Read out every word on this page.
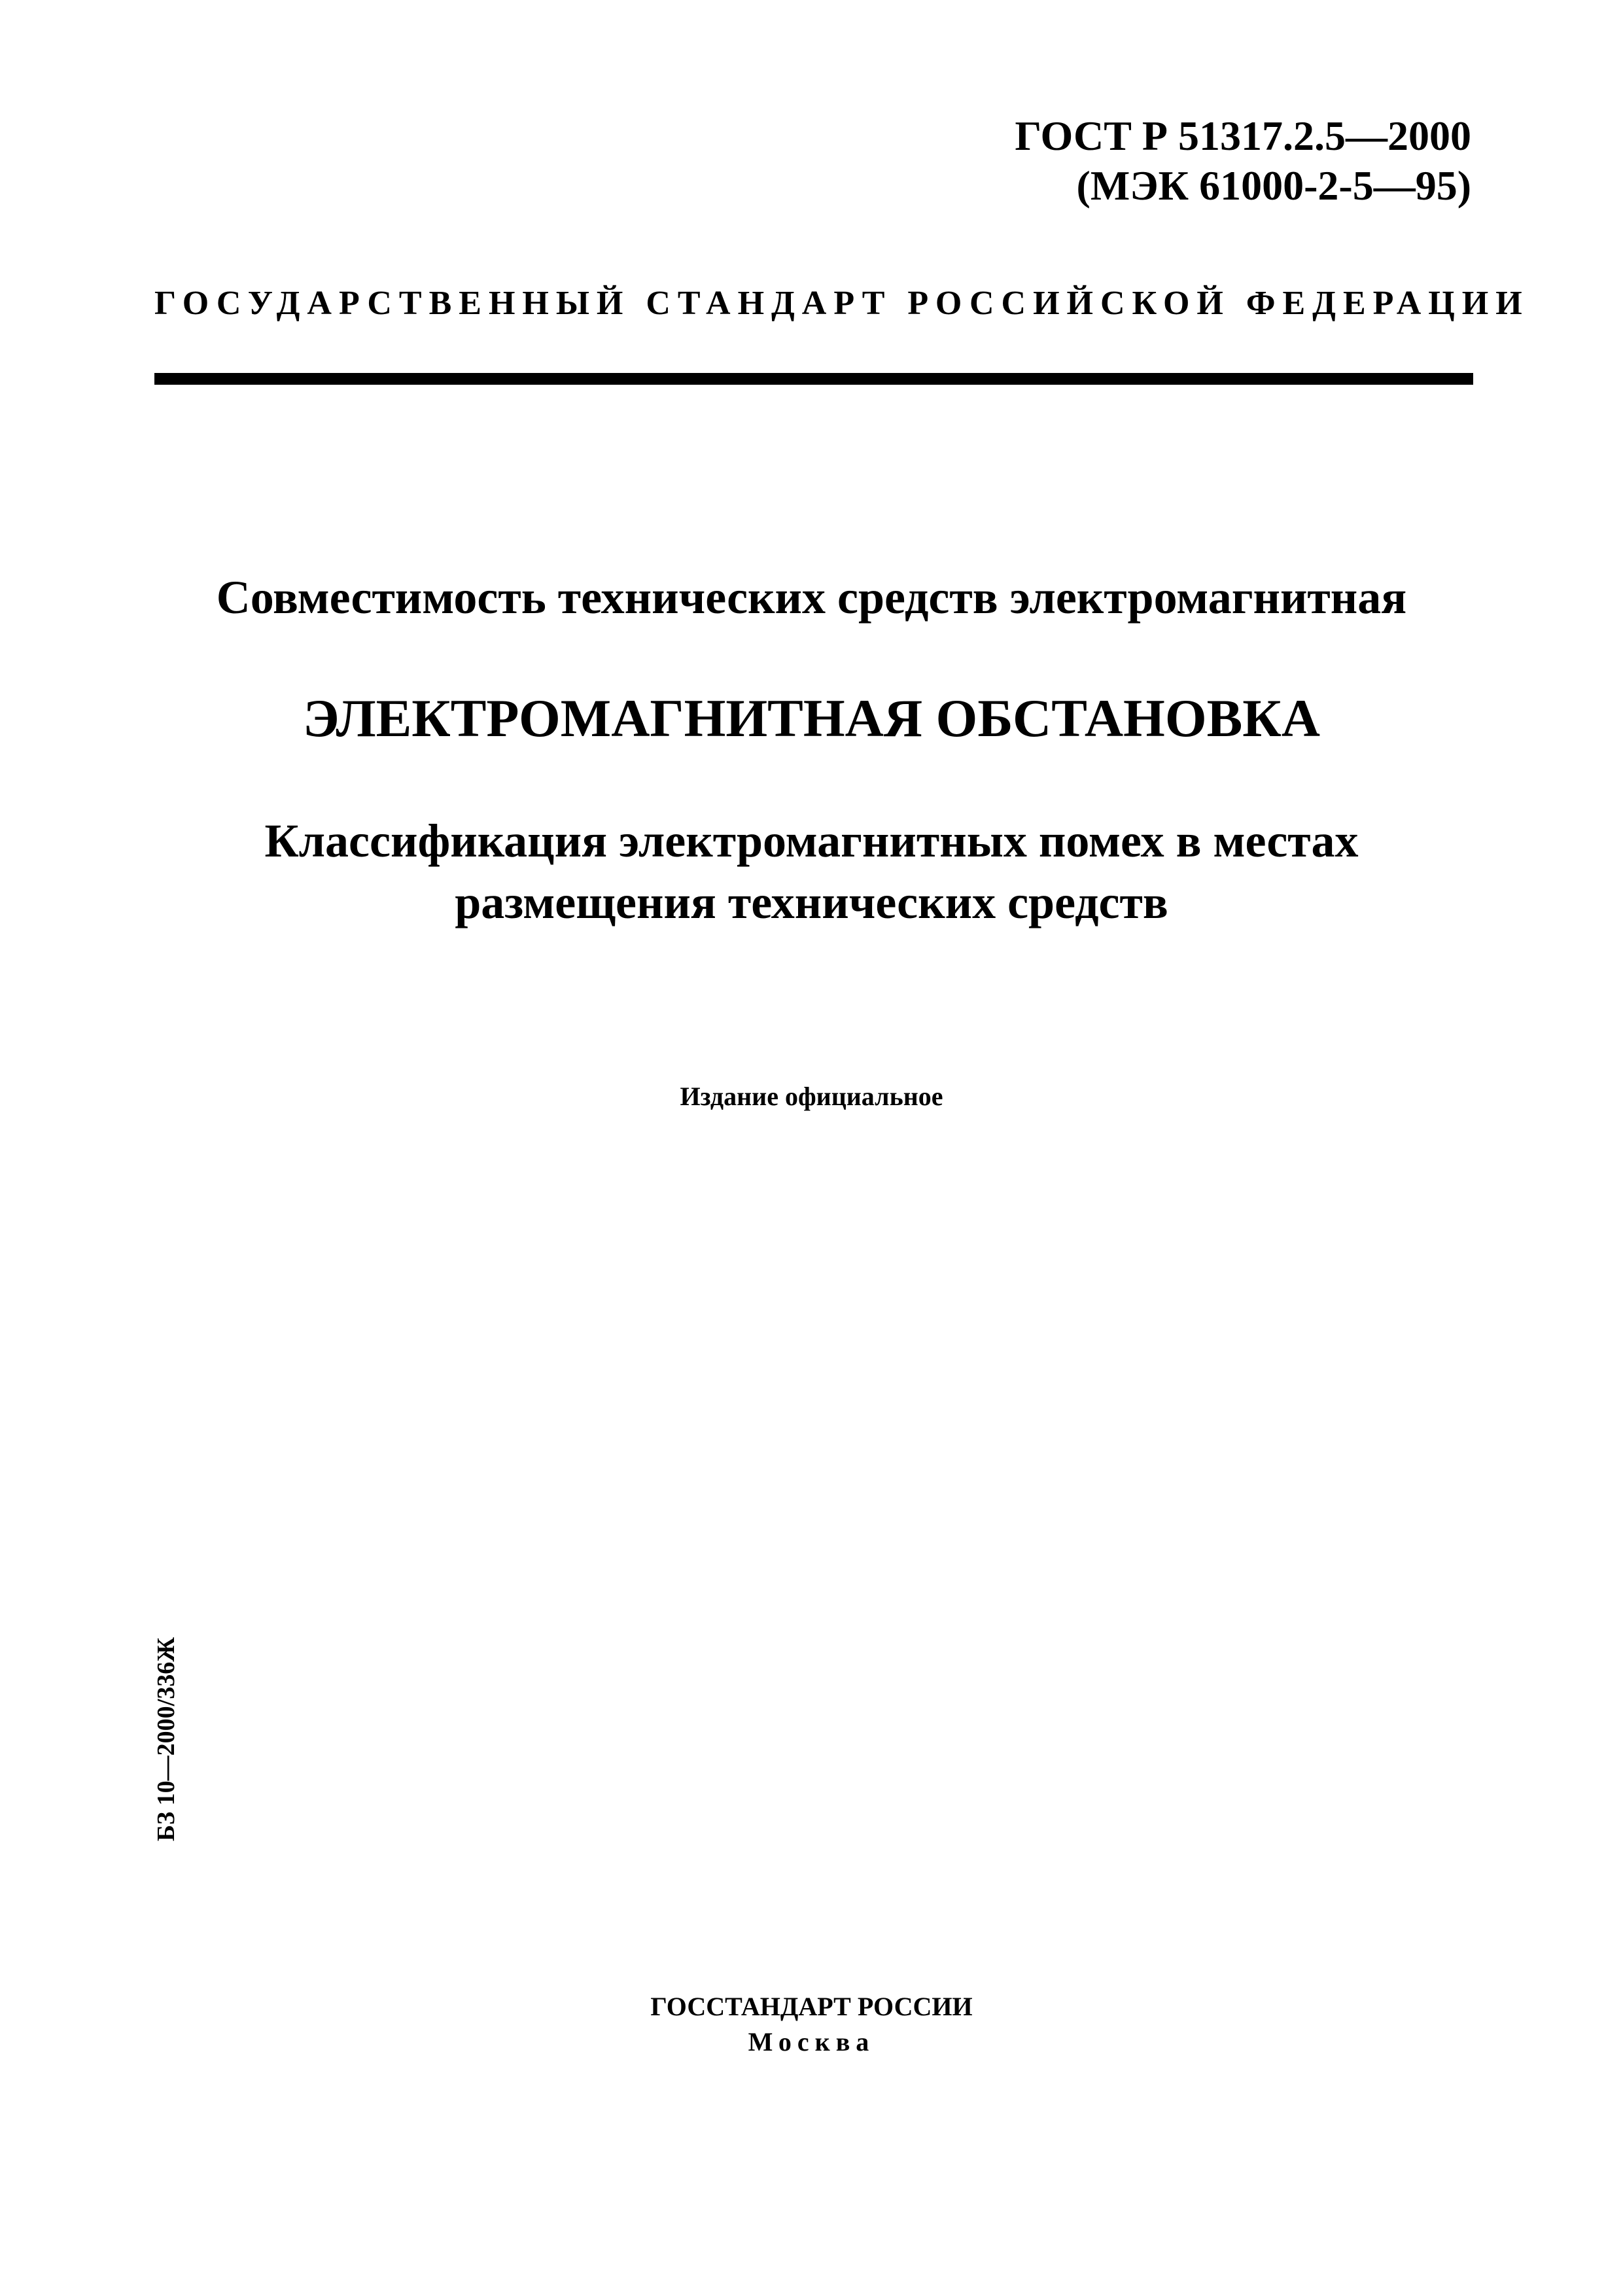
ГОСТ Р 51317.2.5—2000
(МЭК 61000-2-5—95)
ГОСУДАРСТВЕННЫЙ СТАНДАРТ РОССИЙСКОЙ ФЕДЕРАЦИИ
Совместимость технических средств электромагнитная
ЭЛЕКТРОМАГНИТНАЯ ОБСТАНОВКА
Классификация электромагнитных помех в местах
размещения технических средств
Издание официальное
БЗ 10—2000/336Ж
ГОССТАНДАРТ РОССИИ
Москва
